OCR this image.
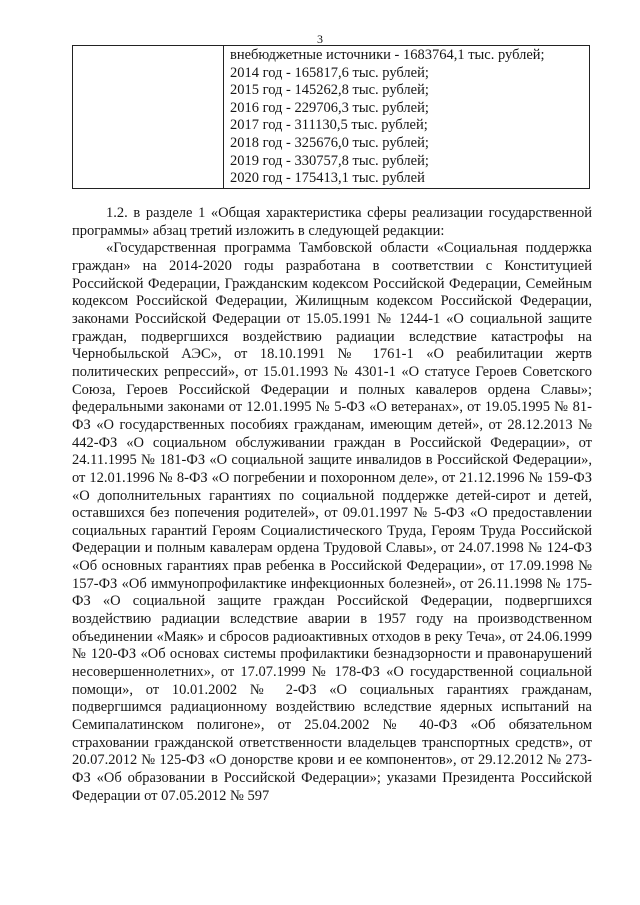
3

внебюджетные источники - 1683764,1 тыс. рублей;
2014 год - 165817,6 тыс. рублей;
2015 год - 145262,8 тыс. рублей;
2016 год - 229706,3 тыс. рублей;
2017 год - 311130,5 тыс. рублей;
2018 год - 325676,0 тыс. рублей;
2019 год - 330757,8 тыс. рублей;
2020 год - 175413,1 тыс. рублей

1.2. в разделе 1 «Общая характеристика сферы реализации государственной программы» абзац третий изложить в следующей редакции:

«Государственная программа Тамбовской области «Социальная поддержка граждан» на 2014-2020 годы разработана в соответствии с Конституцией Российской Федерации, Гражданским кодексом Российской Федерации, Семейным кодексом Российской Федерации, Жилищным кодексом Российской Федерации, законами Российской Федерации от 15.05.1991 № 1244-1 «О социальной защите граждан, подвергшихся воздействию радиации вследствие катастрофы на Чернобыльской АЭС», от 18.10.1991 № 1761-1 «О реабилитации жертв политических репрессий», от 15.01.1993 № 4301-1 «О статусе Героев Советского Союза, Героев Российской Федерации и полных кавалеров ордена Славы»; федеральными законами от 12.01.1995 № 5-ФЗ «О ветеранах», от 19.05.1995 № 81-ФЗ «О государственных пособиях гражданам, имеющим детей», от 28.12.2013 № 442-ФЗ «О социальном обслуживании граждан в Российской Федерации», от 24.11.1995 № 181-ФЗ «О социальной защите инвалидов в Российской Федерации», от 12.01.1996 № 8-ФЗ «О погребении и похоронном деле», от 21.12.1996 № 159-ФЗ «О дополнительных гарантиях по социальной поддержке детей-сирот и детей, оставшихся без попечения родителей», от 09.01.1997 № 5-ФЗ «О предоставлении социальных гарантий Героям Социалистического Труда, Героям Труда Российской Федерации и полным кавалерам ордена Трудовой Славы», от 24.07.1998 № 124-ФЗ «Об основных гарантиях прав ребенка в Российской Федерации», от 17.09.1998 № 157-ФЗ «Об иммунопрофилактике инфекционных болезней», от 26.11.1998 № 175-ФЗ «О социальной защите граждан Российской Федерации, подвергшихся воздействию радиации вследствие аварии в 1957 году на производственном объединении «Маяк» и сбросов радиоактивных отходов в реку Теча», от 24.06.1999 № 120-ФЗ «Об основах системы профилактики безнадзорности и правонарушений несовершеннолетних», от 17.07.1999 № 178-ФЗ «О государственной социальной помощи», от 10.01.2002 № 2-ФЗ «О социальных гарантиях гражданам, подвергшимся радиационному воздействию вследствие ядерных испытаний на Семипалатинском полигоне», от 25.04.2002 № 40-ФЗ «Об обязательном страховании гражданской ответственности владельцев транспортных средств», от 20.07.2012 № 125-ФЗ «О донорстве крови и ее компонентов», от 29.12.2012 № 273-ФЗ «Об образовании в Российской Федерации»; указами Президента Российской Федерации от 07.05.2012 № 597
